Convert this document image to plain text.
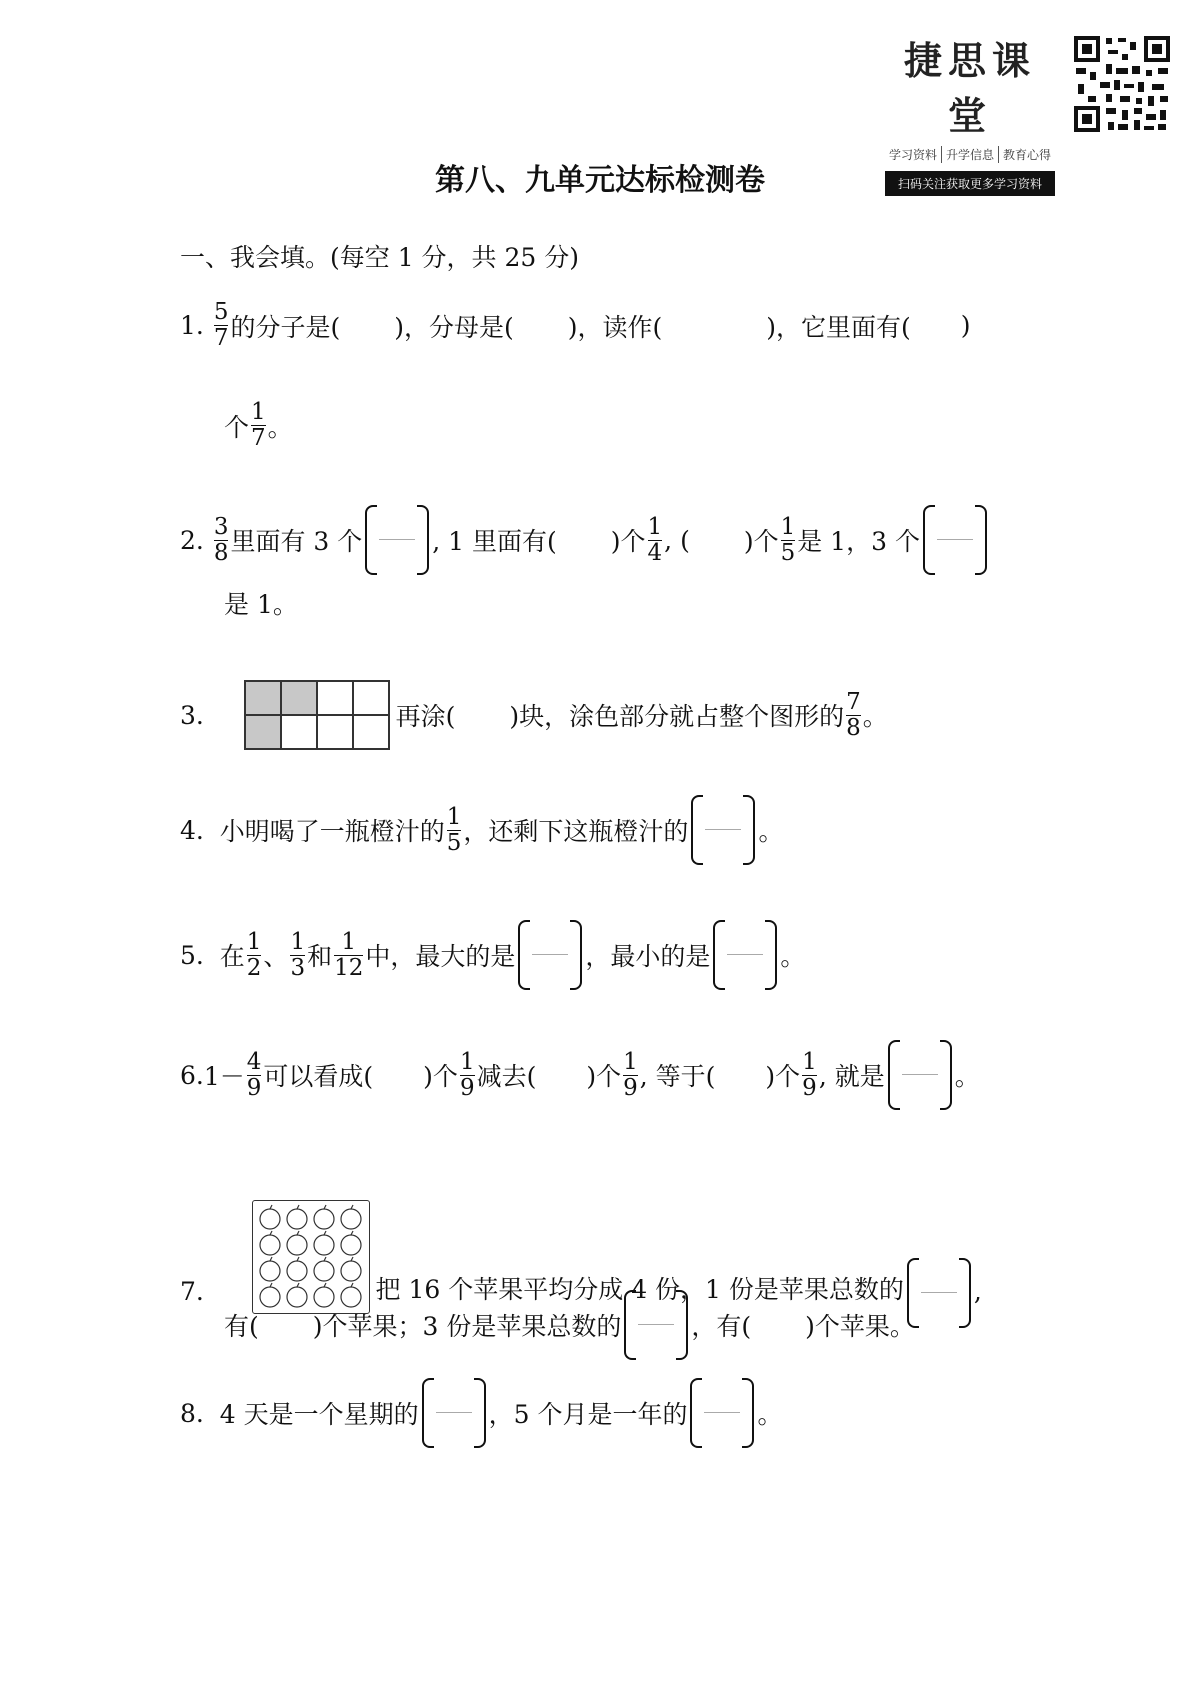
捷思课堂
学习资料 升学信息 教育心得
扫码关注获取更多学习资料
第八、九单元达标检测卷
一、我会填。(每空 1 分，共 25 分)
1.
$\frac{5}{7}$ 的分子是( )，分母是( )，读作(	)，它里面有( )
个 $\frac{1}{7}$ 。
2.
$\frac{3}{8}$ 里面有 3 个	, 1 里面有( )个 $\frac{1}{4}$ , ( )个 $\frac{1}{5}$ 是 1，3 个
是 1。
3.
	再涂( )块，涂色部分就占整个图形的 $\frac{7}{8}$ 。
4.
小明喝了一瓶橙汁的 $\frac{1}{5}$ ，还剩下这瓶橙汁的	。
5.
在 $\frac{1}{2}$ 、 $\frac{1}{3}$ 和 $\frac{1}{12}$ 中，最大的是	，最小的是	。
6. $1- \frac{4}{9}$ 可以看成( )个 $\frac{1}{9}$ 减去( )个 $\frac{1}{9}$ , 等于( )个 $\frac{1}{9}$ , 就是	。
7.
	把 16 个苹果平均分成 4 份，1 份是苹果总数的	,
有( )个苹果；3 份是苹果总数的	，有( )个苹果。
8.
4 天是一个星期的	，5 个月是一年的	。
